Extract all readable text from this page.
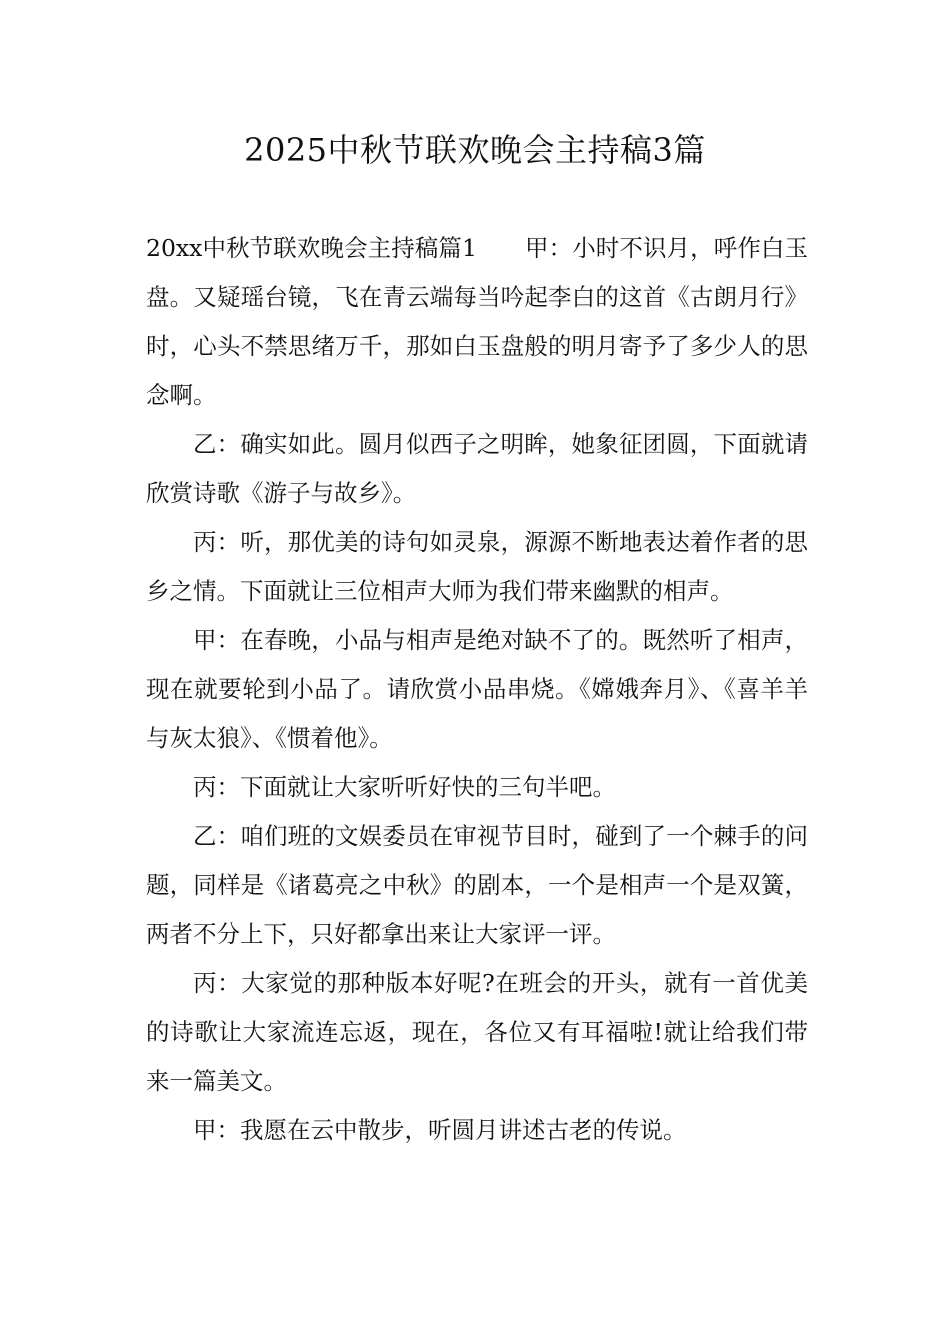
2025中秋节联欢晚会主持稿3篇

20xx中秋节联欢晚会主持稿篇1 甲：小时不识月，呼作白玉盘。又疑瑶台镜，飞在青云端每当吟起李白的这首《古朗月行》时，心头不禁思绪万千，那如白玉盘般的明月寄予了多少人的思念啊。

乙：确实如此。圆月似西子之明眸，她象征团圆，下面就请欣赏诗歌《游子与故乡》。

丙：听，那优美的诗句如灵泉，源源不断地表达着作者的思乡之情。下面就让三位相声大师为我们带来幽默的相声。

甲：在春晚，小品与相声是绝对缺不了的。既然听了相声，现在就要轮到小品了。请欣赏小品串烧。《嫦娥奔月》、《喜羊羊与灰太狼》、《惯着他》。

丙：下面就让大家听听好快的三句半吧。

乙：咱们班的文娱委员在审视节目时，碰到了一个棘手的问题，同样是《诸葛亮之中秋》的剧本，一个是相声一个是双簧，两者不分上下，只好都拿出来让大家评一评。

丙：大家觉的那种版本好呢?在班会的开头，就有一首优美的诗歌让大家流连忘返，现在，各位又有耳福啦!就让给我们带来一篇美文。

甲：我愿在云中散步，听圆月讲述古老的传说。
